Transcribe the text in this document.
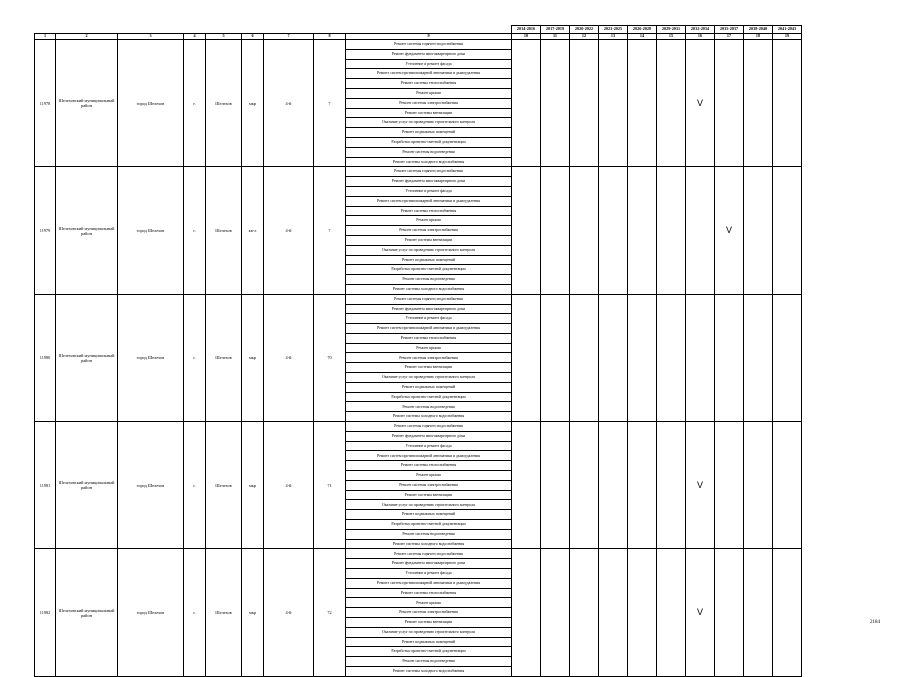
									2014-2016	2017-2019	2020-2022	2023-2025	2026-2028	2029-2031	2032-2034	2035-2037	2038-2040	2041-2043
1	2	3	4	5	6	7	8	9	10	11	12	13	14	15	16	17	18	19
11978	Шелеховский муниципальный район	город Шелехов	г.	Шелехов	мкр	4-й	7	Ремонт системы горячего водоснабжения							V			
								Ремонт фундамента многоквартирного дома										
								Утепление и ремонт фасада										
								Ремонт систем противопожарной автоматики и дымоудаления										
								Ремонт системы теплоснабжения										
								Ремонт крыши										
								Ремонт системы электроснабжения										
								Ремонт системы вентиляции										
								Оказание услуг по проведению строительного контроля										
								Ремонт подвальных помещений										
								Разработка проектно-сметной документации										
								Ремонт системы водоотведения										
								Ремонт системы холодного водоснабжения										
11979	Шелеховский муниципальный район	город Шелехов	г.	Шелехов	кв-л	4-й	7	Ремонт системы горячего водоснабжения								V		
								Ремонт фундамента многоквартирного дома										
								Утепление и ремонт фасада										
								Ремонт систем противопожарной автоматики и дымоудаления										
								Ремонт системы теплоснабжения										
								Ремонт крыши										
								Ремонт системы электроснабжения										
								Ремонт системы вентиляции										
								Оказание услуг по проведению строительного контроля										
								Ремонт подвальных помещений										
								Разработка проектно-сметной документации										
								Ремонт системы водоотведения										
								Ремонт системы холодного водоснабжения										
11980	Шелеховский муниципальный район	город Шелехов	г.	Шелехов	мкр	4-й	70	Ремонт системы горячего водоснабжения										
								Ремонт фундамента многоквартирного дома										
								Утепление и ремонт фасада										
								Ремонт систем противопожарной автоматики и дымоудаления										
								Ремонт системы теплоснабжения										
								Ремонт крыши										
								Ремонт системы электроснабжения										
								Ремонт системы вентиляции										
								Оказание услуг по проведению строительного контроля										
								Ремонт подвальных помещений										
								Разработка проектно-сметной документации										
								Ремонт системы водоотведения										
								Ремонт системы холодного водоснабжения										
11981	Шелеховский муниципальный район	город Шелехов	г.	Шелехов	мкр	4-й	71	Ремонт системы горячего водоснабжения							V			
								Ремонт фундамента многоквартирного дома										
								Утепление и ремонт фасада										
								Ремонт систем противопожарной автоматики и дымоудаления										
								Ремонт системы теплоснабжения										
								Ремонт крыши										
								Ремонт системы электроснабжения										
								Ремонт системы вентиляции										
								Оказание услуг по проведению строительного контроля										
								Ремонт подвальных помещений										
								Разработка проектно-сметной документации										
								Ремонт системы водоотведения										
								Ремонт системы холодного водоснабжения										
11982	Шелеховский муниципальный район	город Шелехов	г.	Шелехов	мкр	4-й	72	Ремонт системы горячего водоснабжения							V			
								Ремонт фундамента многоквартирного дома										
								Утепление и ремонт фасада										
								Ремонт систем противопожарной автоматики и дымоудаления										
								Ремонт системы теплоснабжения										
								Ремонт крыши										
								Ремонт системы электроснабжения										
								Ремонт системы вентиляции										
								Оказание услуг по проведению строительного контроля										
								Ремонт подвальных помещений										
								Разработка проектно-сметной документации										
								Ремонт системы водоотведения										
								Ремонт системы холодного водоснабжения										
2184
